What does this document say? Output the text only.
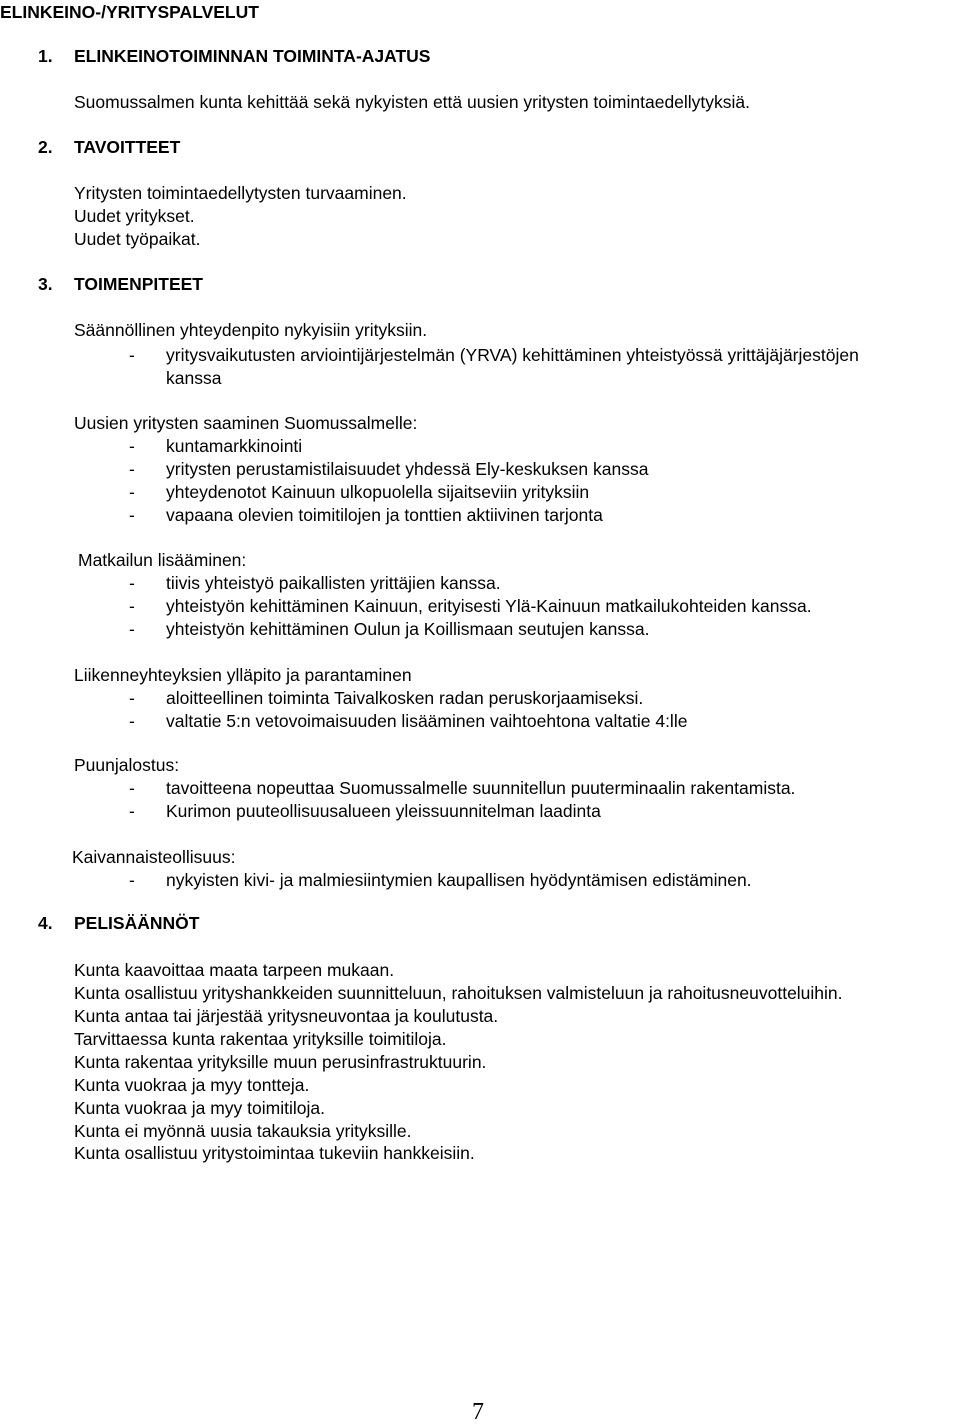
ELINKEINO-/YRITYSPALVELUT
1. ELINKEINOTOIMINNAN TOIMINTA-AJATUS
Suomussalmen kunta kehittää sekä nykyisten että uusien yritysten toimintaedellytyksiä.
2. TAVOITTEET
Yritysten toimintaedellytysten turvaaminen.
Uudet yritykset.
Uudet työpaikat.
3. TOIMENPITEET
Säännöllinen yhteydenpito nykyisiin yrityksiin.
- yritysvaikutusten arviointijärjestelmän (YRVA) kehittäminen yhteistyössä yrittäjäjärjestöjen
kanssa
Uusien yritysten saaminen Suomussalmelle:
- kuntamarkkinointi
- yritysten perustamistilaisuudet yhdessä Ely-keskuksen kanssa
- yhteydenotot Kainuun ulkopuolella sijaitseviin yrityksiin
- vapaana olevien toimitilojen ja tonttien aktiivinen tarjonta
Matkailun lisääminen:
- tiivis yhteistyö paikallisten yrittäjien kanssa.
- yhteistyön kehittäminen Kainuun, erityisesti Ylä-Kainuun matkailukohteiden kanssa.
- yhteistyön kehittäminen Oulun ja Koillismaan seutujen kanssa.
Liikenneyhteyksien ylläpito ja parantaminen
- aloitteellinen toiminta Taivalkosken radan peruskorjaamiseksi.
- valtatie 5:n vetovoimaisuuden lisääminen vaihtoehtona valtatie 4:lle
Puunjalostus:
- tavoitteena nopeuttaa Suomussalmelle suunnitellun puuterminaalin rakentamista.
- Kurimon puuteollisuusalueen yleissuunnitelman laadinta
Kaivannaisteollisuus:
- nykyisten kivi- ja malmiesiintymien kaupallisen hyödyntämisen edistäminen.
4. PELISÄÄNNÖT
Kunta kaavoittaa maata tarpeen mukaan.
Kunta osallistuu yrityshankkeiden suunnitteluun, rahoituksen valmisteluun ja rahoitusneuvotteluihin.
Kunta antaa tai järjestää yritysneuvontaa ja koulutusta.
Tarvittaessa kunta rakentaa yrityksille toimitiloja.
Kunta rakentaa yrityksille muun perusinfrastruktuurin.
Kunta vuokraa ja myy tontteja.
Kunta vuokraa ja myy toimitiloja.
Kunta ei myönnä uusia takauksia yrityksille.
Kunta osallistuu yritystoimintaa tukeviin hankkeisiin.
7
